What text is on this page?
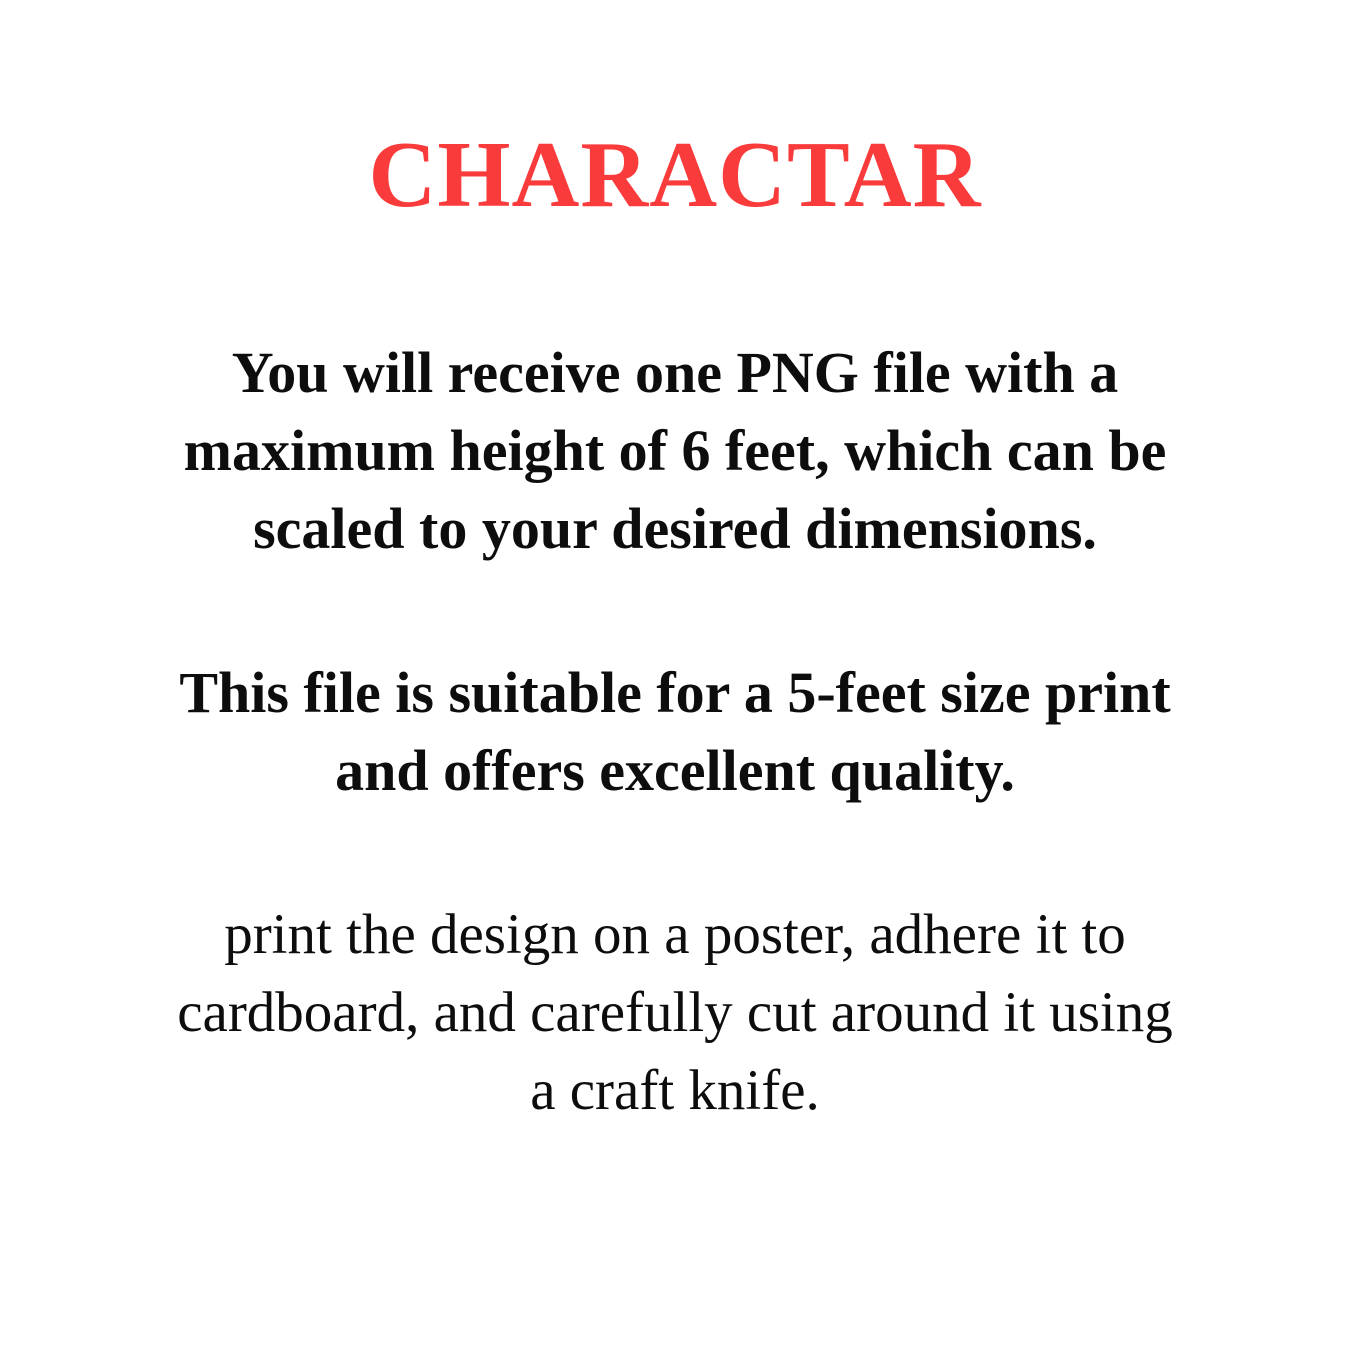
CHARACTAR
You will receive one PNG file with a
maximum height of 6 feet, which can be
scaled to your desired dimensions.
This file is suitable for a 5-feet size print
and offers excellent quality.
print the design on a poster, adhere it to
cardboard, and carefully cut around it using
a craft knife.
